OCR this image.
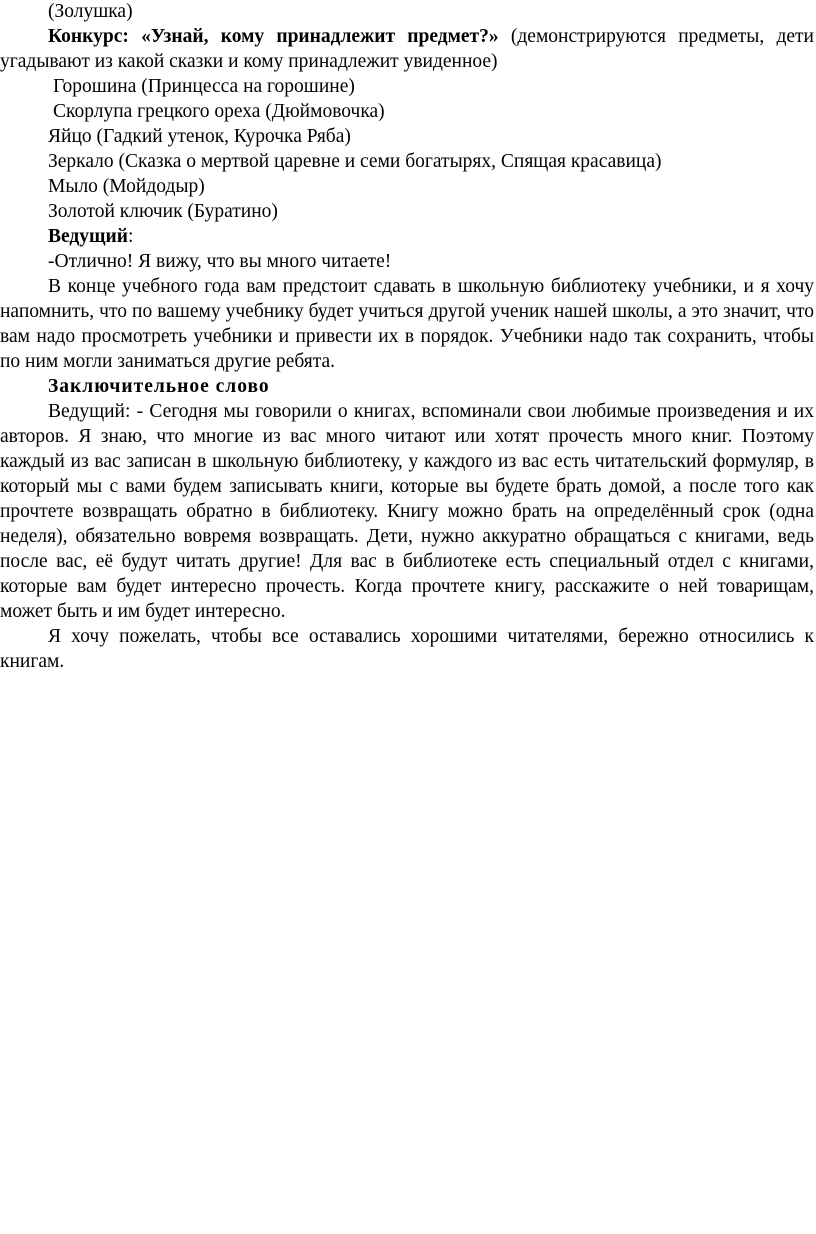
(Золушка)

Конкурс: «Узнай, кому принадлежит предмет?» (демонстрируются предметы, дети угадывают из какой сказки и кому принадлежит увиденное)

Горошина (Принцесса на горошине)

Скорлупа грецкого ореха (Дюймовочка)

Яйцо (Гадкий утенок, Курочка Ряба)

Зеркало (Сказка о мертвой царевне и семи богатырях, Спящая красавица)

Мыло (Мойдодыр)

Золотой ключик (Буратино)

Ведущий:

-Отлично! Я вижу, что вы много читаете!

В конце учебного года вам предстоит сдавать в школьную библиотеку учебники, и я хочу напомнить, что по вашему учебнику будет учиться другой ученик нашей школы, а это значит, что вам надо просмотреть учебники и привести их в порядок. Учебники надо так сохранить, чтобы по ним могли заниматься другие ребята.

Заключительное слово

Ведущий: - Сегодня мы говорили о книгах, вспоминали свои любимые произведения и их авторов. Я знаю, что многие из вас много читают или хотят прочесть много книг. Поэтому каждый из вас записан в школьную библиотеку, у каждого из вас есть читательский формуляр, в который мы с вами будем записывать книги, которые вы будете брать домой, а после того как прочтете возвращать обратно в библиотеку. Книгу можно брать на определённый срок (одна неделя), обязательно вовремя возвращать. Дети, нужно аккуратно обращаться с книгами, ведь после вас, её будут читать другие! Для вас в библиотеке есть специальный отдел с книгами, которые вам будет интересно прочесть. Когда прочтете книгу, расскажите о ней товарищам, может быть и им будет интересно.

Я хочу пожелать, чтобы все оставались хорошими читателями, бережно относились к книгам.
